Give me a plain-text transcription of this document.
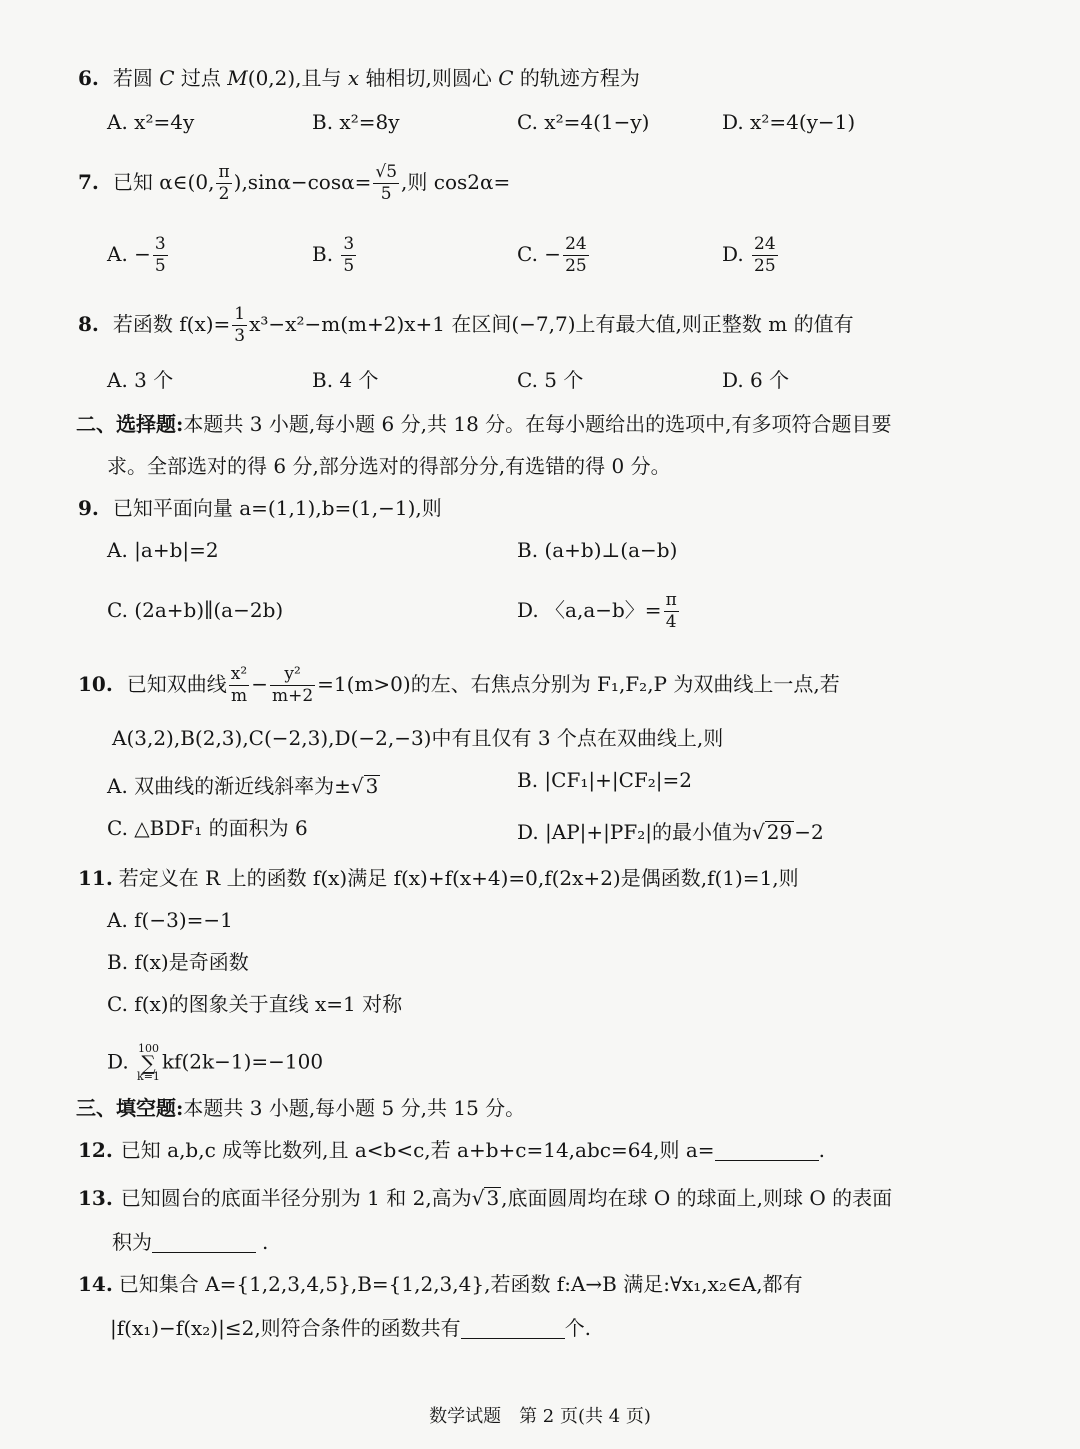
6. 若圆 C 过点 M(0,2),且与 x 轴相切,则圆心 C 的轨迹方程为
A. x²=4y	B. x²=8y	C. x²=4(1−y)	D. x²=4(y−1)
7. 已知 α∈(0, $\frac{\pi}{2} ),\sin\alpha-\cos\alpha= \frac{√5}{5}$ ,则 cos2α=
A. − $\frac{3}{5}$	B. $\frac{3}{5}$	C. − $\frac{24}{25}$	D. $\frac{24}{25}$
8. 若函数 $f(x)= \frac{1}{3} x^3-x^2-m(m+2)x+1$ 在区间(−7,7)上有最大值,则正整数 m 的值有
A. 3 个	B. 4 个	C. 5 个	D. 6 个
二、选择题:本题共 3 小题,每小题 6 分,共 18 分。在每小题给出的选项中,有多项符合题目要
求。全部选对的得 6 分,部分选对的得部分分,有选错的得 0 分。
9. 已知平面向量 a=(1,1),b=(1,−1),则
A. |a+b|=2	B. (a+b)⊥(a−b)
C. (2a+b)∥(a−2b)	D. 〈a,a−b〉= $\frac{\pi}{4}$
10. 已知双曲线 $\frac{\text{x²}}{m} - \frac{\text{y²}}{m+2} =1(m>0)$的左、右焦点分别为 F₁,F₂,P 为双曲线上一点,若
A(3,2),B(2,3),C(−2,3),D(−2,−3)中有且仅有 3 个点在双曲线上,则
A. 双曲线的渐近线斜率为±√ 3	B. |CF₁|+|CF₂|=2
C. △BDF₁ 的面积为 6	D. |AP|+|PF₂|的最小值为√ 29 −2
11. 若定义在 R 上的函数 f(x)满足 f(x)+f(x+4)=0,f(2x+2)是偶函数,f(1)=1,则
A. f(−3)=−1
B. f(x)是奇函数
C. f(x)的图象关于直线 x=1 对称
D.
100
∑
k=1
kf(2k−1)=−100
三、填空题:本题共 3 小题,每小题 5 分,共 15 分。
12. 已知 a,b,c 成等比数列,且 a<b<c,若 a+b+c=14,abc=64,则 a=	.
13. 已知圆台的底面半径分别为 1 和 2,高为√ 3 ,底面圆周均在球 O 的球面上,则球 O 的表面
积为	.
14. 已知集合 A={1,2,3,4,5},B={1,2,3,4},若函数 f:A→B 满足:∀x₁,x₂∈A,都有
|f(x₁)−f(x₂)|≤2,则符合条件的函数共有	个.
数学试题　第 2 页(共 4 页)
